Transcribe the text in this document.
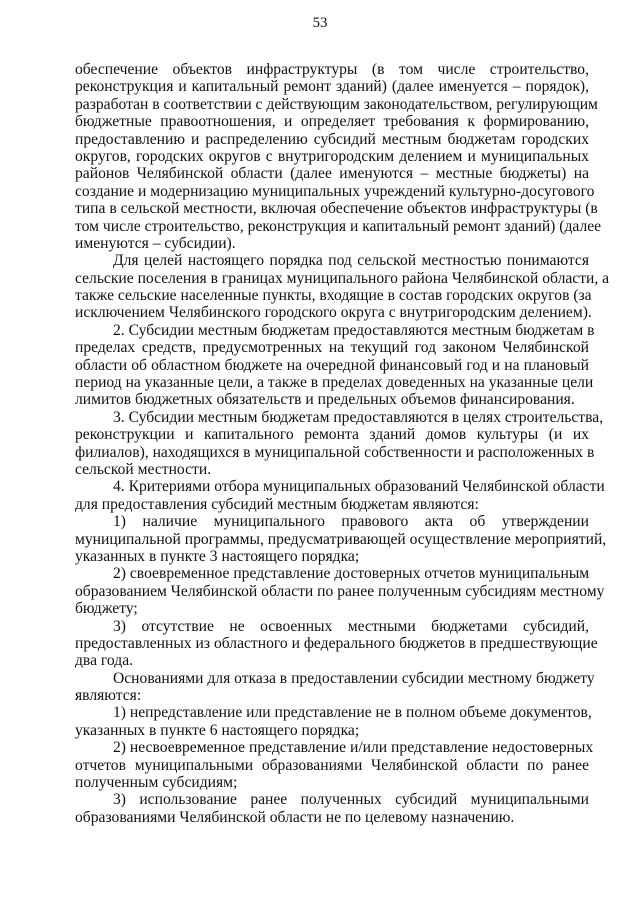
53
обеспечение объектов инфраструктуры (в том числе строительство,
реконструкция и капитальный ремонт зданий) (далее именуется – порядок),
разработан в соответствии с действующим законодательством, регулирующим
бюджетные правоотношения, и определяет требования к формированию,
предоставлению и распределению субсидий местным бюджетам городских
округов, городских округов с внутригородским делением и муниципальных
районов Челябинской области (далее именуются – местные бюджеты) на
создание и модернизацию муниципальных учреждений культурно-досугового
типа в сельской местности, включая обеспечение объектов инфраструктуры (в
том числе строительство, реконструкция и капитальный ремонт зданий) (далее
именуются – субсидии).
Для целей настоящего порядка под сельской местностью понимаются
сельские поселения в границах муниципального района Челябинской области, а
также сельские населенные пункты, входящие в состав городских округов (за
исключением Челябинского городского округа с внутригородским делением).
2. Субсидии местным бюджетам предоставляются местным бюджетам в
пределах средств, предусмотренных на текущий год законом Челябинской
области об областном бюджете на очередной финансовый год и на плановый
период на указанные цели, а также в пределах доведенных на указанные цели
лимитов бюджетных обязательств и предельных объемов финансирования.
3. Субсидии местным бюджетам предоставляются в целях строительства,
реконструкции и капитального ремонта зданий домов культуры (и их
филиалов), находящихся в муниципальной собственности и расположенных в
сельской местности.
4. Критериями отбора муниципальных образований Челябинской области
для предоставления субсидий местным бюджетам являются:
1) наличие муниципального правового акта об утверждении
муниципальной программы, предусматривающей осуществление мероприятий,
указанных в пункте 3 настоящего порядка;
2) своевременное представление достоверных отчетов муниципальным
образованием Челябинской области по ранее полученным субсидиям местному
бюджету;
3) отсутствие не освоенных местными бюджетами субсидий,
предоставленных из областного и федерального бюджетов в предшествующие
два года.
Основаниями для отказа в предоставлении субсидии местному бюджету
являются:
1) непредставление или представление не в полном объеме документов,
указанных в пункте 6 настоящего порядка;
2) несвоевременное представление и/или представление недостоверных
отчетов муниципальными образованиями Челябинской области по ранее
полученным субсидиям;
3) использование ранее полученных субсидий муниципальными
образованиями Челябинской области не по целевому назначению.
